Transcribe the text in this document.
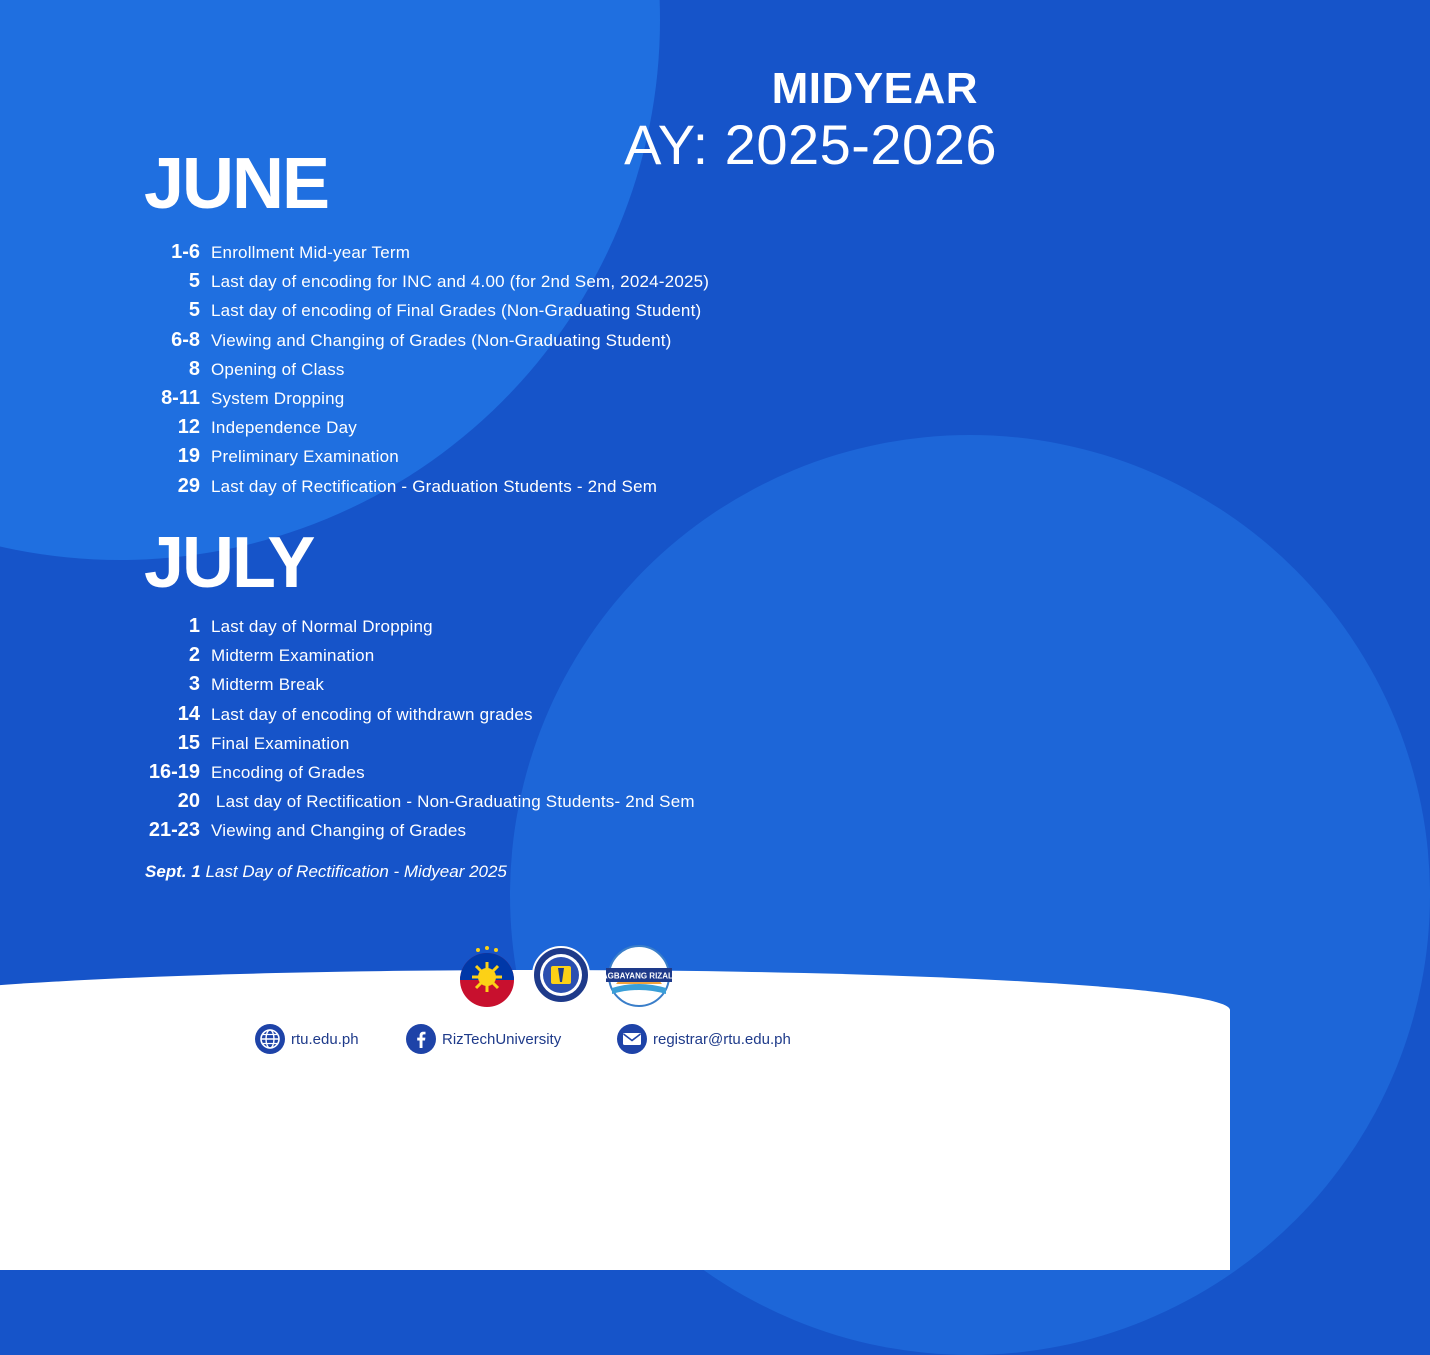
MIDYEAR
AY: 2025-2026
JUNE
1-6 Enrollment Mid-year Term
5 Last day of encoding for INC and 4.00 (for 2nd Sem, 2024-2025)
5 Last day of encoding of Final Grades (Non-Graduating Student)
6-8 Viewing and Changing of Grades (Non-Graduating Student)
8 Opening of Class
8-11 System Dropping
12 Independence Day
19 Preliminary Examination
29 Last day of Rectification - Graduation Students - 2nd Sem
JULY
1 Last day of Normal Dropping
2 Midterm Examination
3 Midterm Break
14 Last day of encoding of withdrawn grades
15 Final Examination
16-19 Encoding of Grades
20 Last day of Rectification - Non-Graduating Students- 2nd Sem
21-23 Viewing and Changing of Grades
Sept. 1 Last Day of Rectification - Midyear 2025
PAGBAYANG RIZALIA
rtu.edu.ph	RizTechUniversity	registrar@rtu.edu.ph
